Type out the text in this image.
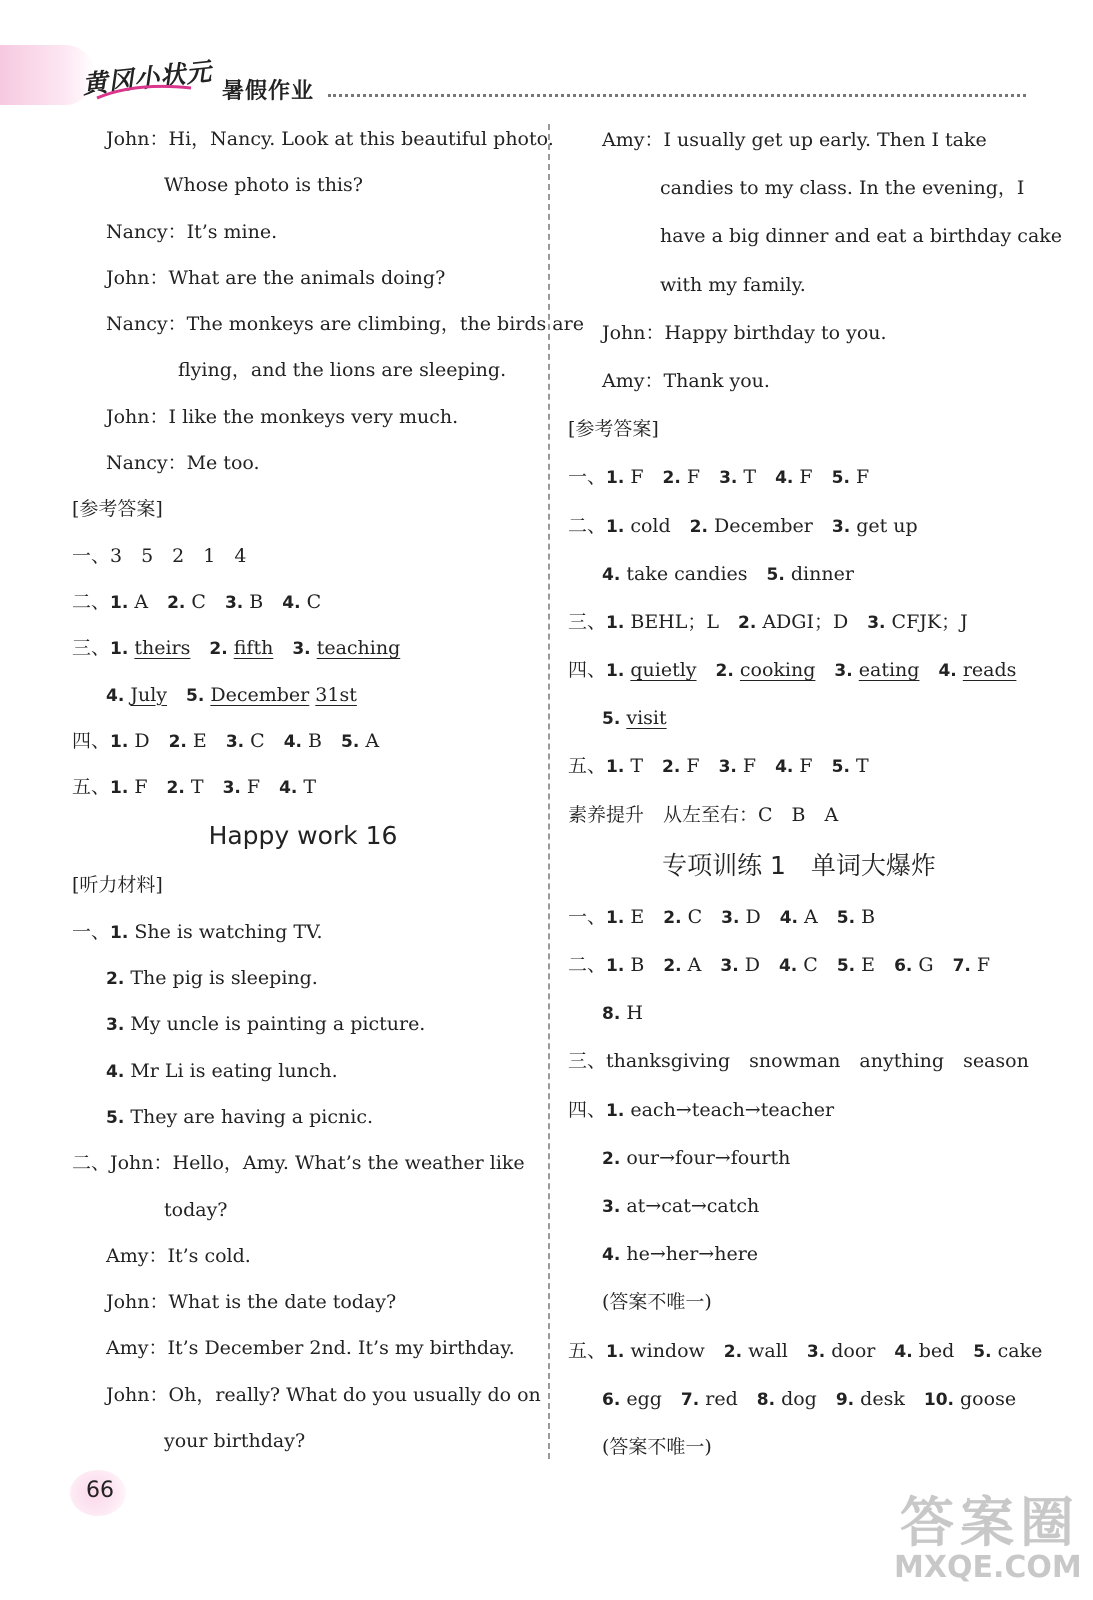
黄冈小状元 暑假作业
John：Hi，Nancy. Look at this beautiful photo.
Whose photo is this?
Nancy：It’s mine.
John：What are the animals doing?
Nancy：The monkeys are climbing，the birds are
flying，and the lions are sleeping.
John：I like the monkeys very much.
Nancy：Me too.
[参考答案]
一、3　5　2　1　4
二、1. A　2. C　3. B　4. C
三、1. theirs　 2. fifth　 3. teaching
4. July　 5. December 31st
四、1. D　2. E　3. C　4. B　5. A
五、1. F　2. T　3. F　4. T
Happy work 16
[听力材料]
一、1. She is watching TV.
2. The pig is sleeping.
3. My uncle is painting a picture.
4. Mr Li is eating lunch.
5. They are having a picnic.
二、John：Hello，Amy. What’s the weather like
today?
Amy：It’s cold.
John：What is the date today?
Amy：It’s December 2nd. It’s my birthday.
John：Oh，really? What do you usually do on
your birthday?
Amy：I usually get up early. Then I take
candies to my class. In the evening，I
have a big dinner and eat a birthday cake
with my family.
John：Happy birthday to you.
Amy：Thank you.
[参考答案]
一、1. F　2. F　3. T　4. F　5. F
二、1. cold　2. December　3. get up
4. take candies　5. dinner
三、1. BEHL；L　2. ADGI；D　3. CFJK；J
四、1. quietly　 2. cooking　 3. eating　 4. reads
5. visit
五、1. T　2. F　3. F　4. F　5. T
素养提升　从左至右：C　B　A
专项训练 1　单词大爆炸
一、1. E　2. C　3. D　4. A　5. B
二、1. B　2. A　3. D　4. C　5. E　6. G　7. F
8. H
三、thanksgiving　snowman　anything　season
四、1. each→teach→teacher
2. our→four→fourth
3. at→cat→catch
4. he→her→here
(答案不唯一)
五、1. window　2. wall　3. door　4. bed　5. cake
6. egg　7. red　8. dog　9. desk　10. goose
(答案不唯一)
66
答案圈
MXQE.COM
